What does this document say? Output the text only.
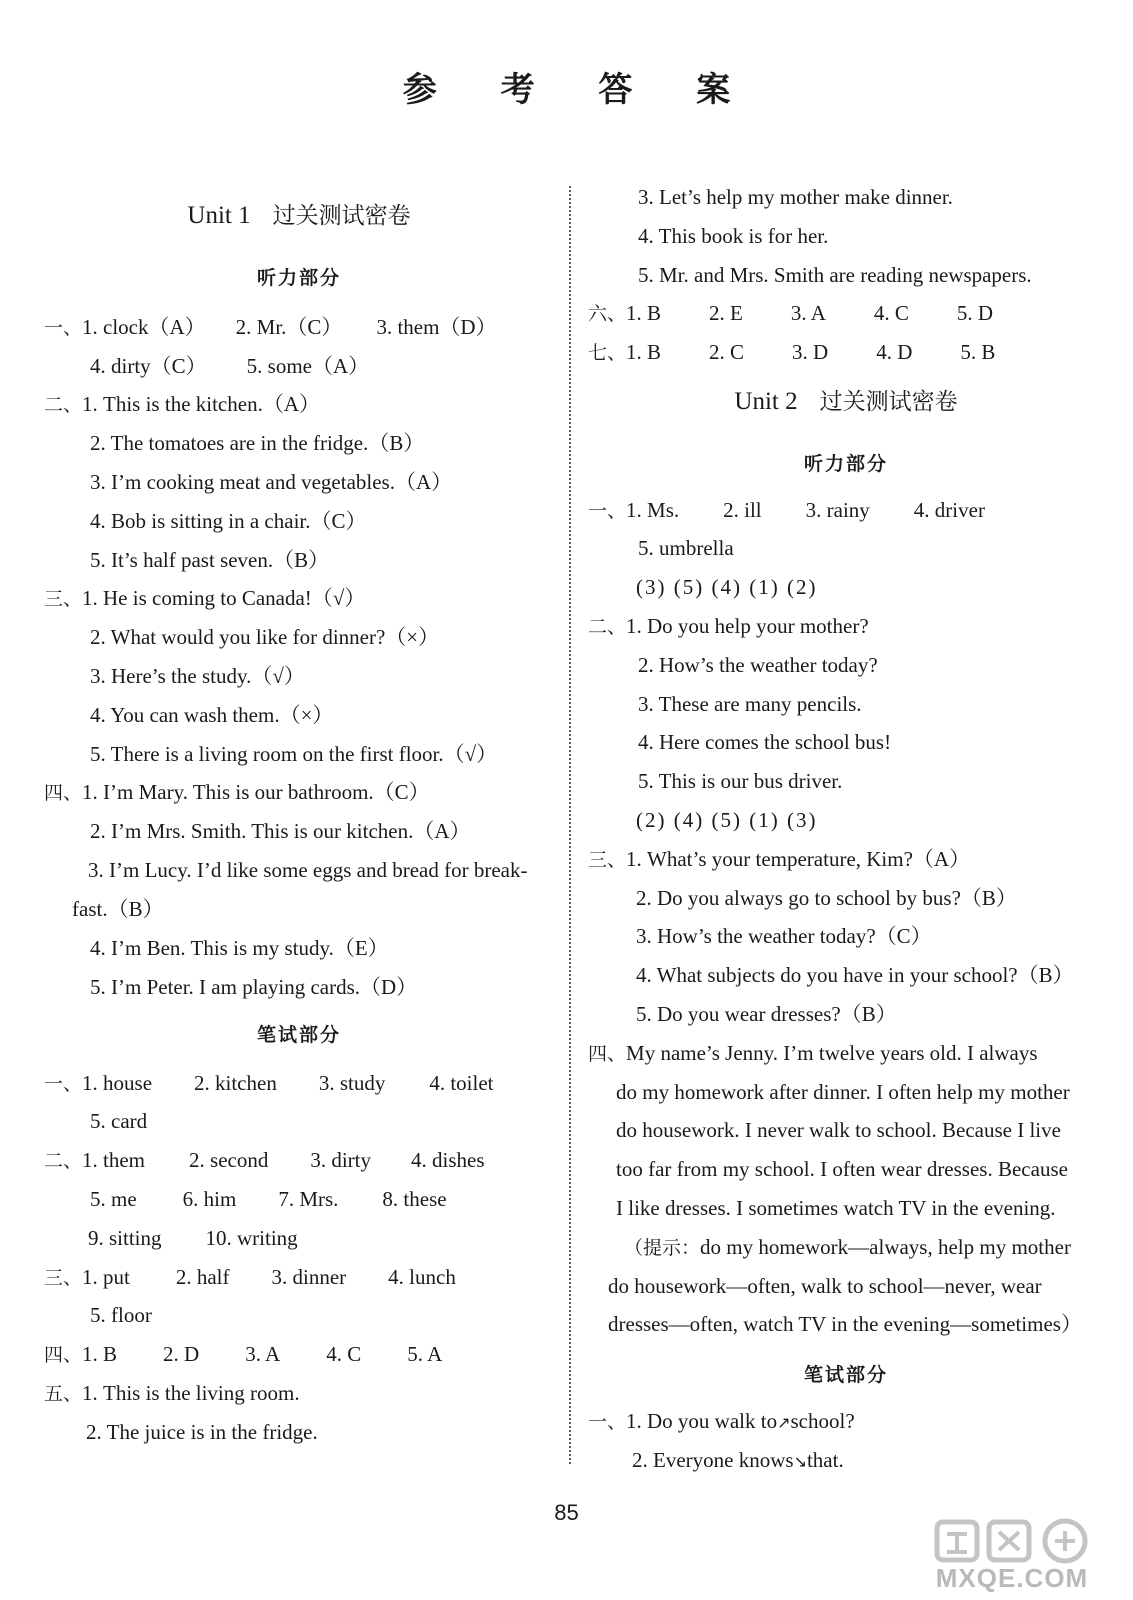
参 考 答 案
Unit 1 过关测试密卷
听力部分
一、1. clock（A） 2. Mr.（C） 3. them（D）
4. dirty（C） 5. some（A）
二、1. This is the kitchen.（A）
2. The tomatoes are in the fridge.（B）
3. I’m cooking meat and vegetables.（A）
4. Bob is sitting in a chair.（C）
5. It’s half past seven.（B）
三、1. He is coming to Canada!（√）
2. What would you like for dinner?（×）
3. Here’s the study.（√）
4. You can wash them.（×）
5. There is a living room on the first floor.（√）
四、1. I’m Mary. This is our bathroom.（C）
2. I’m Mrs. Smith. This is our kitchen.（A）
3. I’m Lucy. I’d like some eggs and bread for break-
fast.（B）
4. I’m Ben. This is my study.（E）
5. I’m Peter. I am playing cards.（D）
笔试部分
一、1. house 2. kitchen 3. study 4. toilet
5. card
二、1. them 2. second 3. dirty 4. dishes
5. me 6. him 7. Mrs. 8. these
9. sitting 10. writing
三、1. put 2. half 3. dinner 4. lunch
5. floor
四、1. B 2. D 3. A 4. C 5. A
五、1. This is the living room.
2. The juice is in the fridge.
3. Let’s help my mother make dinner.
4. This book is for her.
5. Mr. and Mrs. Smith are reading newspapers.
六、1. B 2. E 3. A 4. C 5. D
七、1. B 2. C 3. D 4. D 5. B
Unit 2 过关测试密卷
听力部分
一、1. Ms. 2. ill 3. rainy 4. driver
5. umbrella
(3) (5) (4) (1) (2)
二、1. Do you help your mother?
2. How’s the weather today?
3. These are many pencils.
4. Here comes the school bus!
5. This is our bus driver.
(2) (4) (5) (1) (3)
三、1. What’s your temperature, Kim?（A）
2. Do you always go to school by bus?（B）
3. How’s the weather today?（C）
4. What subjects do you have in your school?（B）
5. Do you wear dresses?（B）
四、My name’s Jenny. I’m twelve years old. I always
do my homework after dinner. I often help my mother
do housework. I never walk to school. Because I live
too far from my school. I often wear dresses. Because
I like dresses. I sometimes watch TV in the evening.
（提示：do my homework—always, help my mother
do housework—often, walk to school—never, wear
dresses—often, watch TV in the evening—sometimes）
笔试部分
一、1. Do you walk to↗school?
2. Everyone knows↘that.
85
MXQE.COM
